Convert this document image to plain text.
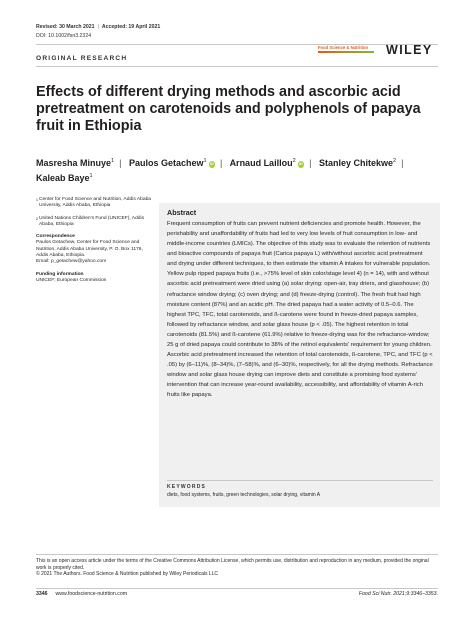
Revised: 30 March 2021 | Accepted: 19 April 2021
DOI: 10.1002/fsn3.2324
ORIGINAL RESEARCH
Food Science & Nutrition	WILEY
Effects of different drying methods and ascorbic acid pretreatment on carotenoids and polyphenols of papaya fruit in Ethiopia
Masresha Minuye$^1$ | Paulos Getachew$^1$ iD | Arnaud Laillou$^2$ iD | Stanley Chitekwe$^2$ |
Kaleab Baye$^1$
1 Center for Food Science and Nutrition, Addis Ababa University, Addis Ababa, Ethiopia
2 United Nations Children's Fund (UNICEF), Addis Ababa, Ethiopia
Correspondence
Paulos Getachew, Center for Food Science and Nutrition, Addis Ababa University, P. O. Box 1176, Addis Ababa, Ethiopia.
Email: p_getachew@yahoo.com
Funding information
UNICEF; European Commission
Abstract
Frequent consumption of fruits can prevent nutrient deficiencies and promote health. However, the perishability and unaffordability of fruits had led to very low levels of fruit consumption in low- and middle-income countries (LMICs). The objective of this study was to evaluate the retention of nutrients and bioactive compounds of papaya fruit (Carica papaya L) with/without ascorbic acid pretreatment and drying under different techniques, to then estimate the vitamin A intakes for vulnerable population. Yellow pulp ripped papaya fruits (i.e., >75% level of skin color/stage level 4) (n = 14), with and without ascorbic acid pretreatment were dried using (a) solar drying: open-air, tray driers, and glasshouse; (b) refractance window drying; (c) oven drying; and (d) freeze-drying (control). The fresh fruit had high moisture content (87%) and an acidic pH. The dried papaya had a water activity of 0.5–0.6. The highest TPC, TFC, total carotenoids, and ß-carotene were found in freeze-dried papaya samples, followed by refractance window, and solar glass house (p < .05). The highest retention in total carotenoids (81.5%) and ß-carotene (61.9%) relative to freeze-drying was for the refractance-window; 25 g of dried papaya could contribute to 38% of the retinol equivalents' requirement for young children. Ascorbic acid pretreatment increased the retention of total carotenoids, ß-carotene, TPC, and TFC (p < .05) by (6–11)%, (8–34)%, (7–58)%, and (6–30)%, respectively, for all the drying methods. Refractance window and solar glass house drying can improve diets and constitute a promising food systems' intervention that can increase year-round availability, accessibility, and affordability of vitamin A-rich fruits like papaya.
KEYWORDS
diets, food systems, fruits, green technologies, solar drying, vitamin A
This is an open access article under the terms of the Creative Commons Attribution License, which permits use, distribution and reproduction in any medium, provided the original work is properly cited.
© 2021 The Authors. Food Science & Nutrition published by Wiley Periodicals LLC
3346 www.foodscience-nutrition.com	Food Sci Nutr. 2021;9:3346–3353.
